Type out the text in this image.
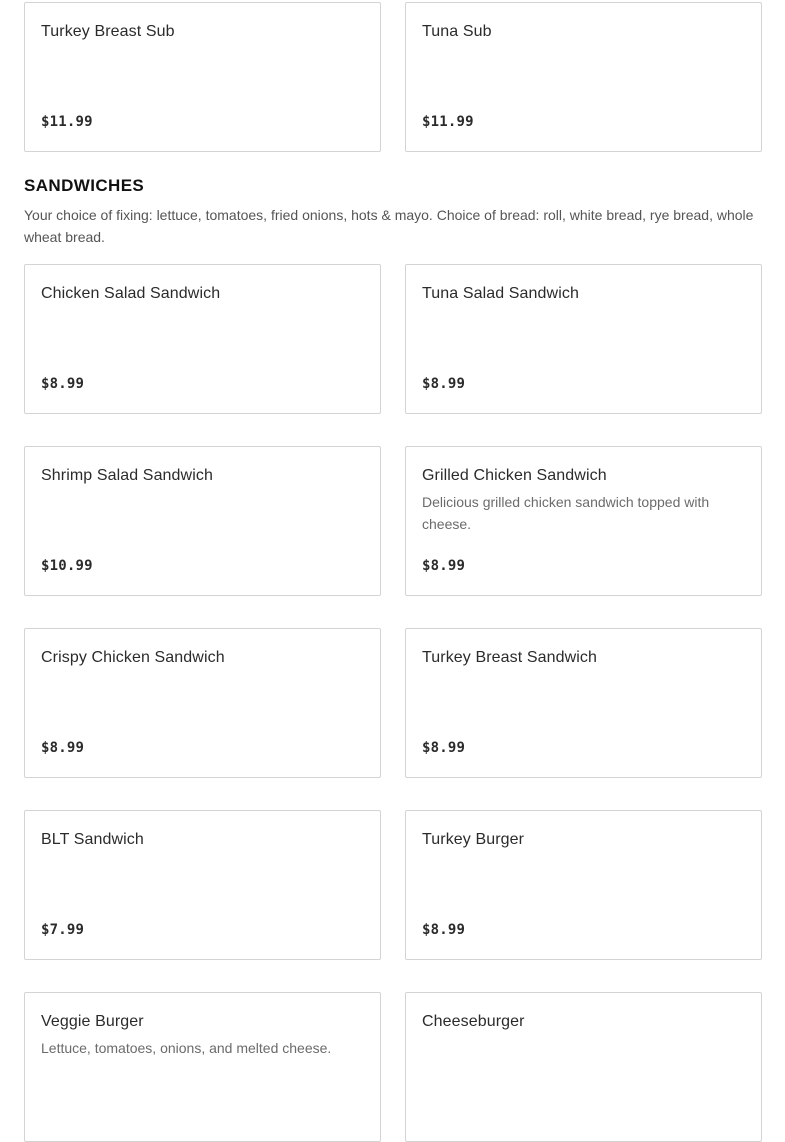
Turkey Breast Sub
$11.99
Tuna Sub
$11.99
SANDWICHES

Your choice of fixing: lettuce, tomatoes, fried onions, hots & mayo. Choice of bread: roll, white bread, rye bread, whole wheat bread.

Chicken Salad Sandwich
$8.99
Tuna Salad Sandwich
$8.99
Shrimp Salad Sandwich
$10.99
Grilled Chicken Sandwich
Delicious grilled chicken sandwich topped with cheese.
$8.99
Crispy Chicken Sandwich
$8.99
Turkey Breast Sandwich
$8.99
BLT Sandwich
$7.99
Turkey Burger
$8.99
Veggie Burger
Lettuce, tomatoes, onions, and melted cheese.
Cheeseburger
